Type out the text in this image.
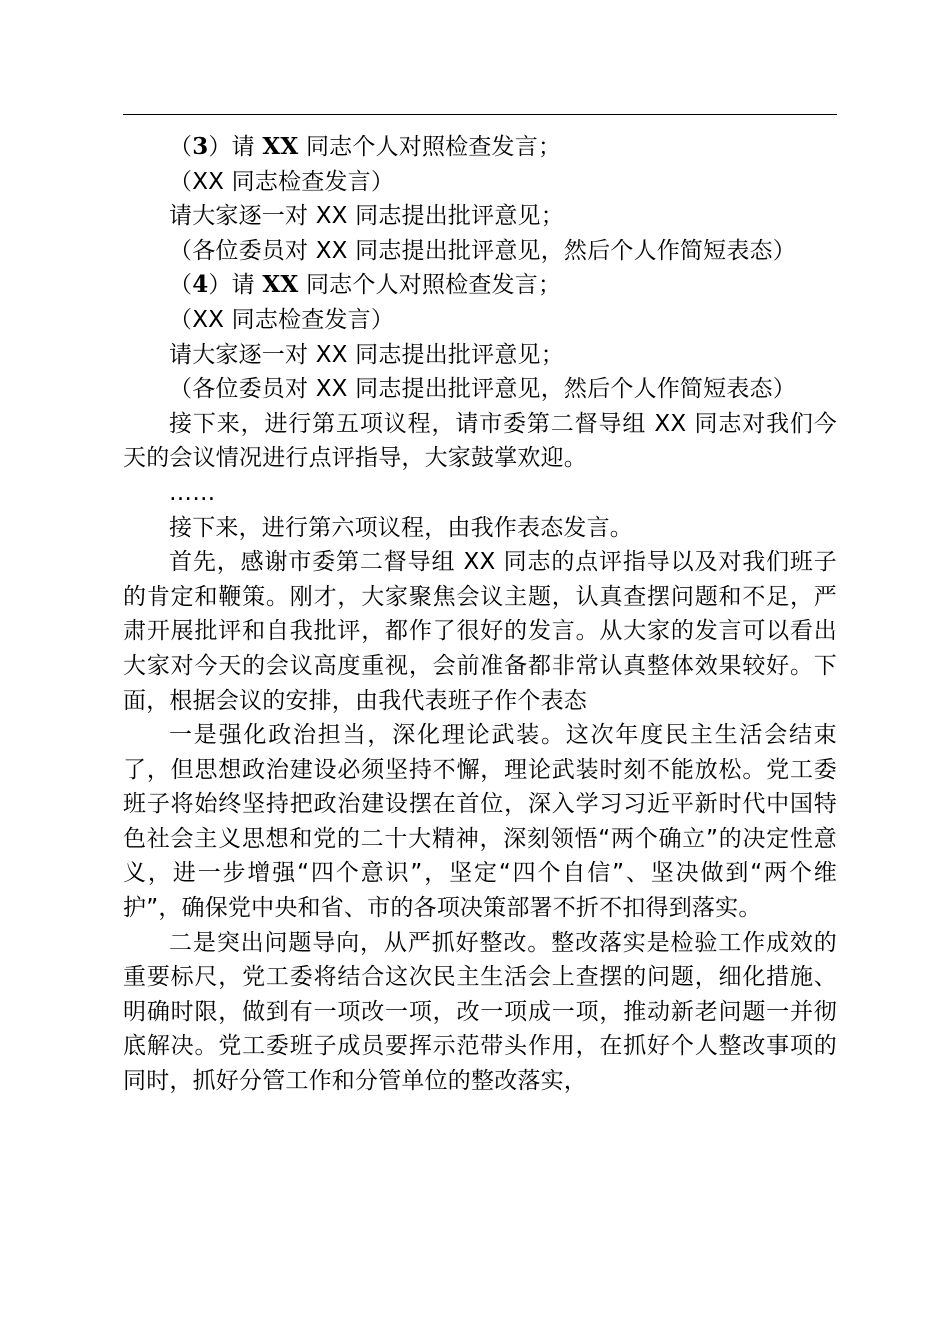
（3）请 XX 同志个人对照检查发言；

（XX 同志检查发言）

请大家逐一对 XX 同志提出批评意见；

（各位委员对 XX 同志提出批评意见，然后个人作简短表态）

（4）请 XX 同志个人对照检查发言；

（XX 同志检查发言）

请大家逐一对 XX 同志提出批评意见；

（各位委员对 XX 同志提出批评意见，然后个人作简短表态）

接下来，进行第五项议程，请市委第二督导组 XX 同志对我们今天的会议情况进行点评指导，大家鼓掌欢迎。

……

接下来，进行第六项议程，由我作表态发言。

首先，感谢市委第二督导组 XX 同志的点评指导以及对我们班子的肯定和鞭策。刚才，大家聚焦会议主题，认真查摆问题和不足，严肃开展批评和自我批评，都作了很好的发言。从大家的发言可以看出大家对今天的会议高度重视，会前准备都非常认真整体效果较好。下面，根据会议的安排，由我代表班子作个表态

一是强化政治担当，深化理论武装。这次年度民主生活会结束了，但思想政治建设必须坚持不懈，理论武装时刻不能放松。党工委班子将始终坚持把政治建设摆在首位，深入学习习近平新时代中国特色社会主义思想和党的二十大精神，深刻领悟“两个确立”的决定性意义，进一步增强“四个意识”，坚定“四个自信”、坚决做到“两个维护”，确保党中央和省、市的各项决策部署不折不扣得到落实。

二是突出问题导向，从严抓好整改。整改落实是检验工作成效的重要标尺，党工委将结合这次民主生活会上查摆的问题，细化措施、明确时限，做到有一项改一项，改一项成一项，推动新老问题一并彻底解决。党工委班子成员要挥示范带头作用，在抓好个人整改事项的同时，抓好分管工作和分管单位的整改落实，
